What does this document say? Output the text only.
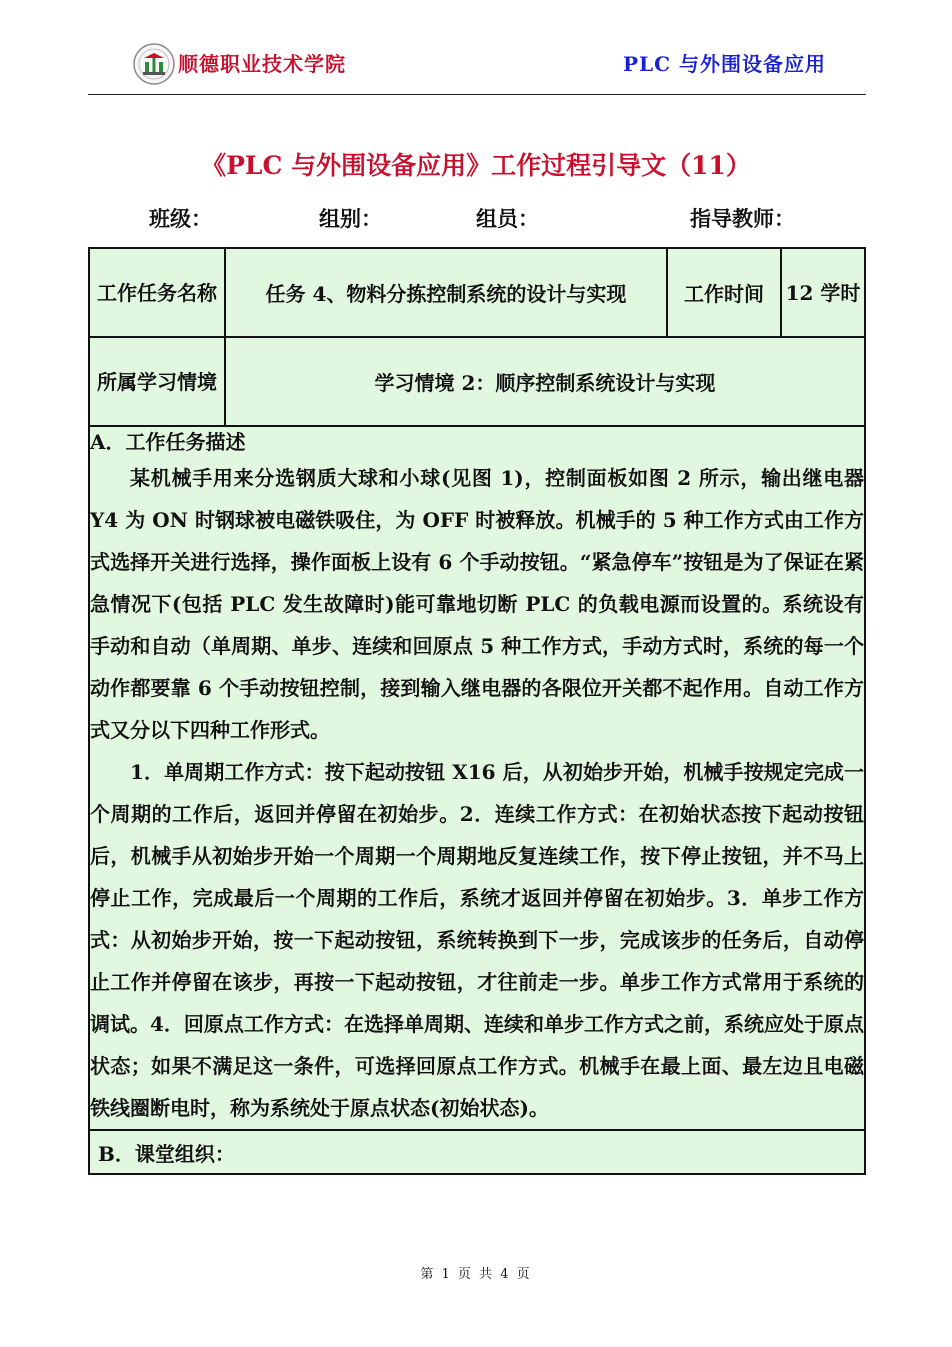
顺德职业技术学院	PLC 与外围设备应用
《PLC 与外围设备应用》工作过程引导文（11）
班级：	组别：	组员：	指导教师：
工作任务名称	任务 4、物料分拣控制系统的设计与实现	工作时间	12 学时
所属学习情境	学习情境 2：顺序控制系统设计与实现		

A．工作任务描述

某机械手用来分选钢质大球和小球(见图 1)，控制面板如图 2 所示，输出继电器 Y4 为 ON 时钢球被电磁铁吸住，为 OFF 时被释放。机械手的 5 种工作方式由工作方式选择开关进行选择，操作面板上设有 6 个手动按钮。“紧急停车”按钮是为了保证在紧急情况下(包括 PLC 发生故障时)能可靠地切断 PLC 的负载电源而设置的。系统设有手动和自动（单周期、单步、连续和回原点 5 种工作方式，手动方式时，系统的每一个动作都要靠 6 个手动按钮控制，接到输入继电器的各限位开关都不起作用。自动工作方式又分以下四种工作形式。

1．单周期工作方式：按下起动按钮 X16 后，从初始步开始，机械手按规定完成一个周期的工作后，返回并停留在初始步。2．连续工作方式：在初始状态按下起动按钮后，机械手从初始步开始一个周期一个周期地反复连续工作，按下停止按钮，并不马上停止工作，完成最后一个周期的工作后，系统才返回并停留在初始步。3．单步工作方式：从初始步开始，按一下起动按钮，系统转换到下一步，完成该步的任务后，自动停止工作并停留在该步，再按一下起动按钮，才往前走一步。单步工作方式常用于系统的调试。4．回原点工作方式：在选择单周期、连续和单步工作方式之前，系统应处于原点状态；如果不满足这一条件，可选择回原点工作方式。机械手在最上面、最左边且电磁铁线圈断电时，称为系统处于原点状态(初始状态)。			

B．课堂组织：			
第 1 页 共 4 页
